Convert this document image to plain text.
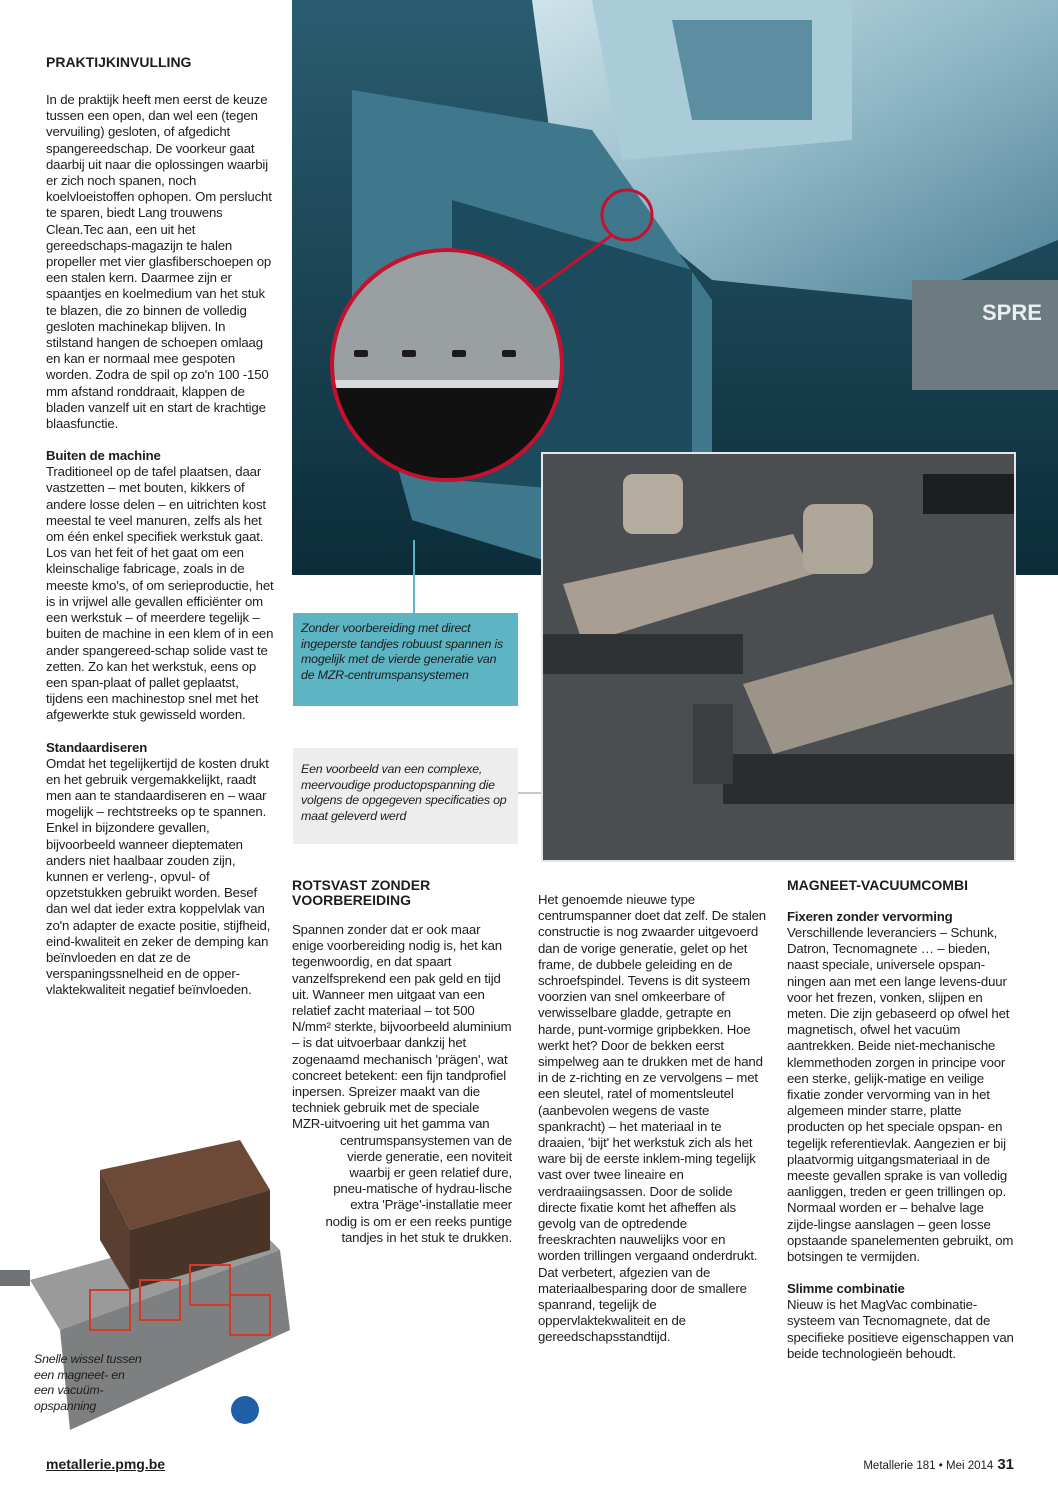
SPRE
Zonder voorbereiding met direct ingeperste tandjes robuust spannen is mogelijk met de vierde generatie van de MZR-centrumspansystemen
Een voorbeeld van een complexe, meervoudige productopspanning die volgens de opgegeven specificaties op maat geleverd werd
PRAKTIJKINVULLING

In de praktijk heeft men eerst de keuze tussen een open, dan wel een (tegen vervuiling) gesloten, of afgedicht spangereedschap. De voorkeur gaat daarbij uit naar die oplossingen waarbij er zich noch spanen, noch koelvloeistoffen ophopen. Om perslucht te sparen, biedt Lang trouwens Clean.Tec aan, een uit het gereedschaps-magazijn te halen propeller met vier glasfiberschoepen op een stalen kern. Daarmee zijn er spaantjes en koelmedium van het stuk te blazen, die zo binnen de volledig gesloten machinekap blijven. In stilstand hangen de schoepen omlaag en kan er normaal mee gespoten worden. Zodra de spil op zo'n 100 -150 mm afstand ronddraait, klappen de bladen vanzelf uit en start de krachtige blaasfunctie.

Buiten de machine

Traditioneel op de tafel plaatsen, daar vastzetten – met bouten, kikkers of andere losse delen – en uitrichten kost meestal te veel manuren, zelfs als het om één enkel specifiek werkstuk gaat. Los van het feit of het gaat om een kleinschalige fabricage, zoals in de meeste kmo's, of om serieproductie, het is in vrijwel alle gevallen efficiënter om een werkstuk – of meerdere tegelijk – buiten de machine in een klem of in een ander spangereed-schap solide vast te zetten. Zo kan het werkstuk, eens op een span-plaat of pallet geplaatst, tijdens een machinestop snel met het afgewerkte stuk gewisseld worden.

Standaardiseren

Omdat het tegelijkertijd de kosten drukt en het gebruik vergemakkelijkt, raadt men aan te standaardiseren en – waar mogelijk – rechtstreeks op te spannen. Enkel in bijzondere gevallen, bijvoorbeeld wanneer dieptematen anders niet haalbaar zouden zijn, kunnen er verleng-, opvul- of opzetstukken gebruikt worden. Besef dan wel dat ieder extra koppelvlak van zo'n adapter de exacte positie, stijfheid, eind-kwaliteit en zeker de demping kan beïnvloeden en dat ze de verspaningssnelheid en de opper-vlaktekwaliteit negatief beïnvloeden.

Snelle wissel tussen een magneet- en een vacuüm-opspanning
ROTSVAST ZONDER VOORBEREIDING

Spannen zonder dat er ook maar enige voorbereiding nodig is, het kan tegenwoordig, en dat spaart vanzelfsprekend een pak geld en tijd uit. Wanneer men uitgaat van een relatief zacht materiaal – tot 500 N/mm² sterkte, bijvoorbeeld aluminium – is dat uitvoerbaar dankzij het zogenaamd mechanisch 'prägen', wat concreet betekent: een fijn tandprofiel inpersen. Spreizer maakt van die techniek gebruik met de speciale MZR-uitvoering uit het gamma van

centrumspansystemen van de vierde generatie, een noviteit waarbij er geen relatief dure, pneu-matische of hydrau-lische extra 'Präge'-installatie meer nodig is om er een reeks puntige tandjes in het stuk te drukken.

Het genoemde nieuwe type centrumspanner doet dat zelf. De stalen constructie is nog zwaarder uitgevoerd dan de vorige generatie, gelet op het frame, de dubbele geleiding en de schroefspindel. Tevens is dit systeem voorzien van snel omkeerbare of verwisselbare gladde, getrapte en harde, punt-vormige gripbekken. Hoe werkt het? Door de bekken eerst simpelweg aan te drukken met de hand in de z-richting en ze vervolgens – met een sleutel, ratel of momentsleutel (aanbevolen wegens de vaste spankracht) – het materiaal in te draaien, 'bijt' het werkstuk zich als het ware bij de eerste inklem-ming tegelijk vast over twee lineaire en verdraaiingsassen. Door de solide directe fixatie komt het afheffen als gevolg van de optredende freeskrachten nauwelijks voor en worden trillingen vergaand onderdrukt. Dat verbetert, afgezien van de materiaalbesparing door de smallere spanrand, tegelijk de oppervlaktekwaliteit en de gereedschapsstandtijd.

MAGNEET-VACUUMCOMBI
Fixeren zonder vervorming

Verschillende leveranciers – Schunk, Datron, Tecnomagnete … – bieden, naast speciale, universele opspan-ningen aan met een lange levens-duur voor het frezen, vonken, slijpen en meten. Die zijn gebaseerd op ofwel het magnetisch, ofwel het vacuüm aantrekken. Beide niet-mechanische klemmethoden zorgen in principe voor een sterke, gelijk-matige en veilige fixatie zonder vervorming van in het algemeen minder starre, platte producten op het speciale opspan- en tegelijk referentievlak. Aangezien er bij plaatvormig uitgangsmateriaal in de meeste gevallen sprake is van volledig aanliggen, treden er geen trillingen op. Normaal worden er – behalve lage zijde-lingse aanslagen – geen losse opstaande spanelementen gebruikt, om botsingen te vermijden.

Slimme combinatie

Nieuw is het MagVac combinatie-systeem van Tecnomagnete, dat de specifieke positieve eigenschappen van beide technologieën behoudt.

metallerie.pmg.be	Metallerie 181 • Mei 2014 31
